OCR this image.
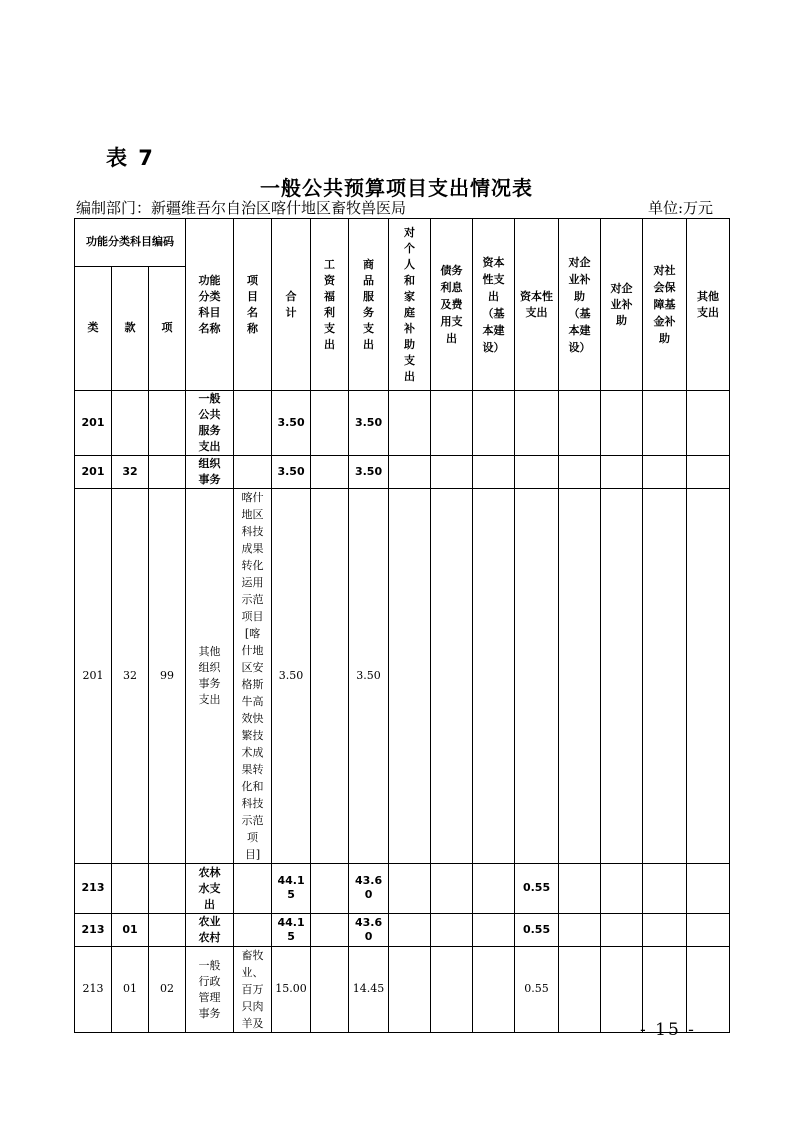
表 7
一般公共预算项目支出情况表
编制部门：新疆维吾尔自治区喀什地区畜牧兽医局	单位:万元
功能分类科目编码			功能分类科目名称	项目名称	合计	工资福利支出	商品服务支出	对个人和家庭补助支出	债务利息及费用支出	资本性支出（基本建设）	资本性支出	对企业补助（基本建设）	对企业补助	对社会保障基金补助	其他支出
类	款	项													
201			一般公共服务支出		3.50		3.50								
201	32		组织事务		3.50		3.50								
201	32	99	其他组织事务支出	喀什地区科技成果转化运用示范项目[喀什地区安格斯牛高效快繁技术成果转化和科技示范项目]	3.50		3.50								
213			农林水支出		44.15		43.60				0.55				
213	01		农业农村		44.15		43.60				0.55				
213	01	02	一般行政管理事务	畜牧业、百万只肉羊及	15.00		14.45				0.55				
- 15 -
